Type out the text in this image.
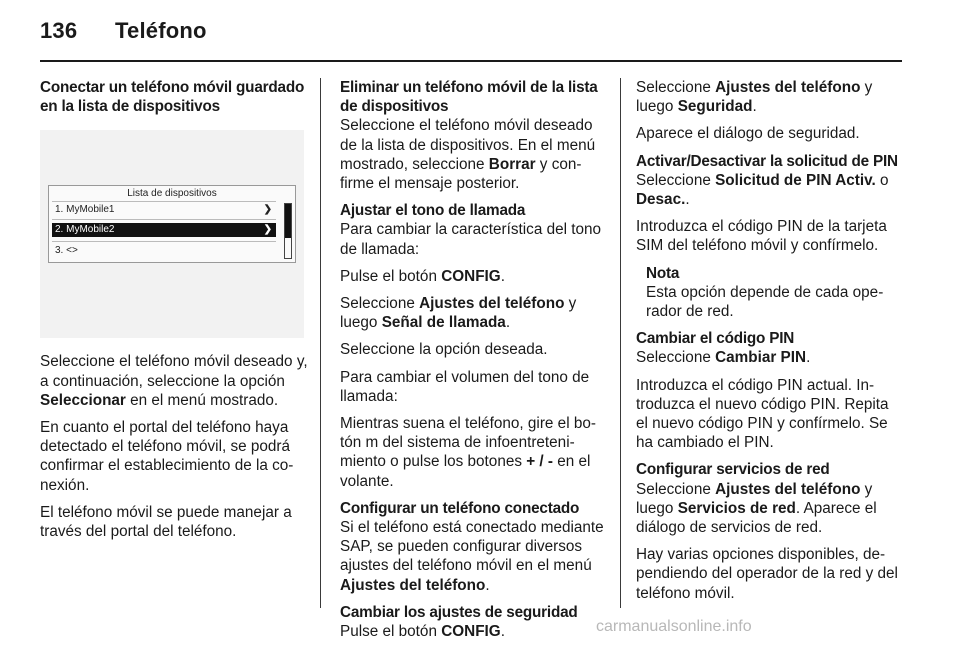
136 Teléfono
Conectar un teléfono móvil guardado en la lista de dispositivos
Lista de dispositivos
1. MyMobile1	❯
2. MyMobile2	❯
3. <>

Seleccione el teléfono móvil deseado y, a continuación, seleccione la opción Seleccionar en el menú mostrado.

En cuanto el portal del teléfono haya detectado el teléfono móvil, se podrá confirmar el establecimiento de la conexión.

El teléfono móvil se puede manejar a través del portal del teléfono.

Eliminar un teléfono móvil de la lista de dispositivos

Seleccione el teléfono móvil deseado de la lista de dispositivos. En el menú mostrado, seleccione Borrar y confirme el mensaje posterior.

Ajustar el tono de llamada

Para cambiar la característica del tono de llamada:

Pulse el botón CONFIG.

Seleccione Ajustes del teléfono y luego Señal de llamada.

Seleccione la opción deseada.

Para cambiar el volumen del tono de llamada:

Mientras suena el teléfono, gire el botón m del sistema de infoentretenimiento o pulse los botones + / - en el volante.

Configurar un teléfono conectado

Si el teléfono está conectado mediante SAP, se pueden configurar diversos ajustes del teléfono móvil en el menú Ajustes del teléfono.

Cambiar los ajustes de seguridad

Pulse el botón CONFIG.

Seleccione Ajustes del teléfono y luego Seguridad.

Aparece el diálogo de seguridad.

Activar/Desactivar la solicitud de PIN

Seleccione Solicitud de PIN Activ. o Desac..

Introduzca el código PIN de la tarjeta SIM del teléfono móvil y confírmelo.

Nota
Esta opción depende de cada operador de red.
Cambiar el código PIN

Seleccione Cambiar PIN.

Introduzca el código PIN actual. Introduzca el nuevo código PIN. Repita el nuevo código PIN y confírmelo. Se ha cambiado el PIN.

Configurar servicios de red

Seleccione Ajustes del teléfono y luego Servicios de red. Aparece el diálogo de servicios de red.

Hay varias opciones disponibles, dependiendo del operador de la red y del teléfono móvil.

carmanualsonline.info
